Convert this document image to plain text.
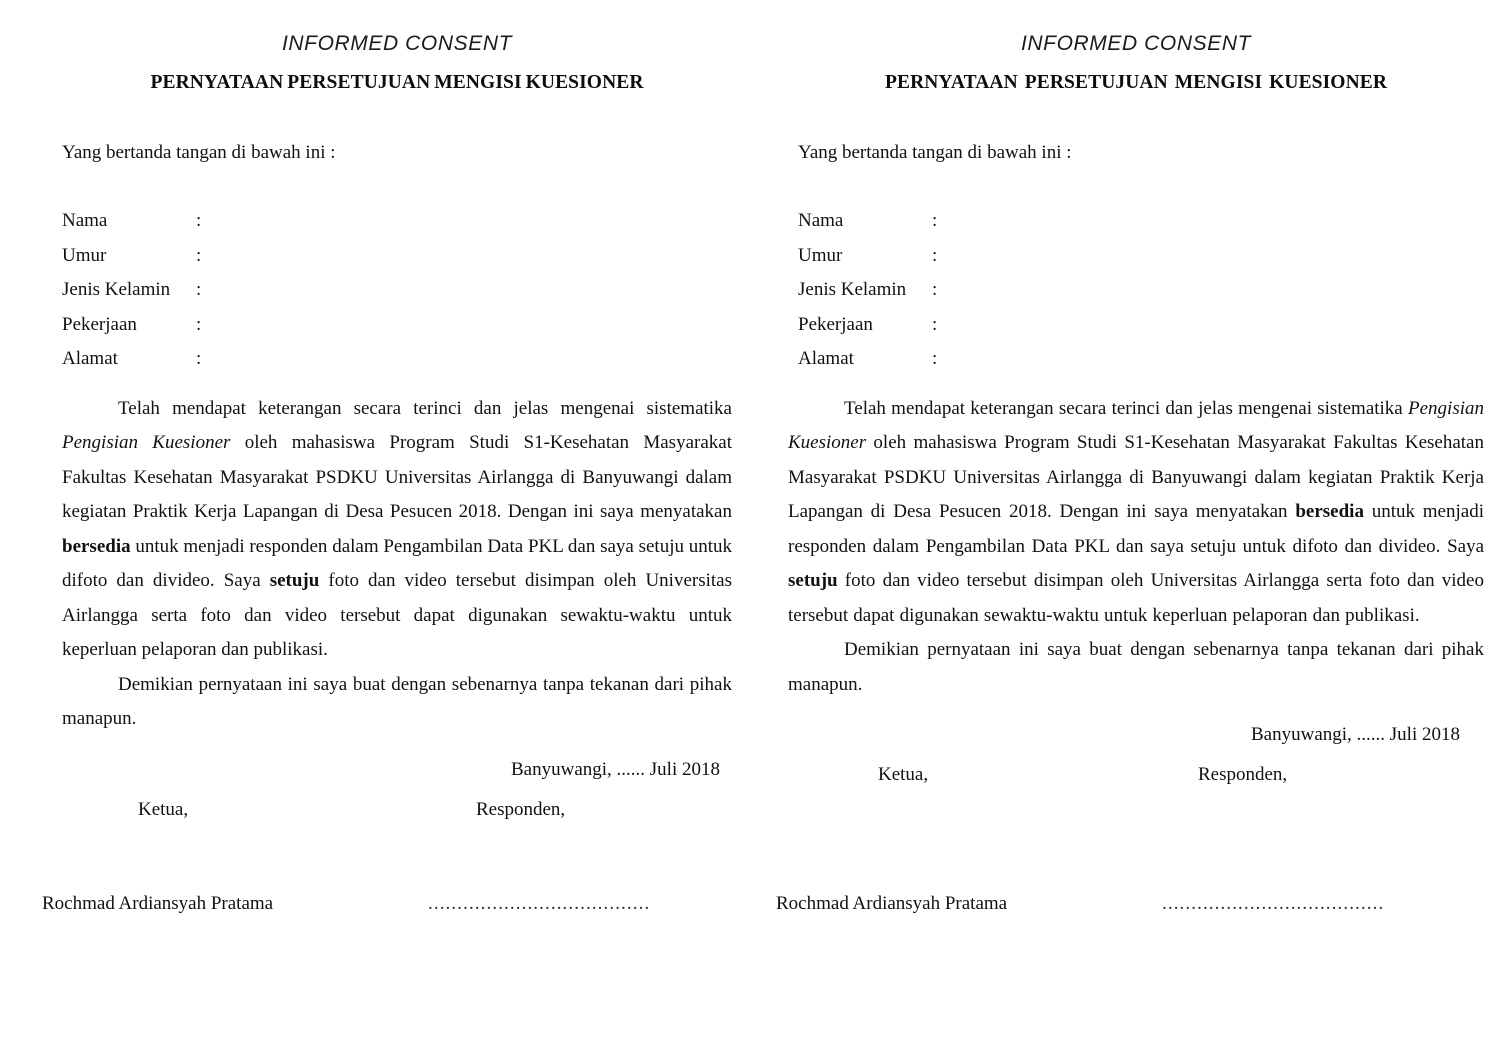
INFORMED CONSENT
PERNYATAAN PERSETUJUAN MENGISI KUESIONER
Yang bertanda tangan di bawah ini :
Nama	:
Umur	:
Jenis Kelamin :
Pekerjaan	:
Alamat	:

Telah mendapat keterangan secara terinci dan jelas mengenai sistematika Pengisian Kuesioner oleh mahasiswa Program Studi S1-Kesehatan Masyarakat Fakultas Kesehatan Masyarakat PSDKU Universitas Airlangga di Banyuwangi dalam kegiatan Praktik Kerja Lapangan di Desa Pesucen 2018. Dengan ini saya menyatakan bersedia untuk menjadi responden dalam Pengambilan Data PKL dan saya setuju untuk difoto dan divideo. Saya setuju foto dan video tersebut disimpan oleh Universitas Airlangga serta foto dan video tersebut dapat digunakan sewaktu-waktu untuk keperluan pelaporan dan publikasi.

Demikian pernyataan ini saya buat dengan sebenarnya tanpa tekanan dari pihak manapun.

Banyuwangi, ...... Juli 2018
Ketua,	Responden,
Rochmad Ardiansyah Pratama	......................................
INFORMED CONSENT
PERNYATAAN PERSETUJUAN MENGISI KUESIONER
Yang bertanda tangan di bawah ini :
Nama	:
Umur	:
Jenis Kelamin :
Pekerjaan	:
Alamat	:

Telah mendapat keterangan secara terinci dan jelas mengenai sistematika Pengisian Kuesioner oleh mahasiswa Program Studi S1-Kesehatan Masyarakat Fakultas Kesehatan Masyarakat PSDKU Universitas Airlangga di Banyuwangi dalam kegiatan Praktik Kerja Lapangan di Desa Pesucen 2018. Dengan ini saya menyatakan bersedia untuk menjadi responden dalam Pengambilan Data PKL dan saya setuju untuk difoto dan divideo. Saya setuju foto dan video tersebut disimpan oleh Universitas Airlangga serta foto dan video tersebut dapat digunakan sewaktu-waktu untuk keperluan pelaporan dan publikasi.

Demikian pernyataan ini saya buat dengan sebenarnya tanpa tekanan dari pihak manapun.

Banyuwangi, ...... Juli 2018
Ketua,	Responden,
Rochmad Ardiansyah Pratama	......................................
